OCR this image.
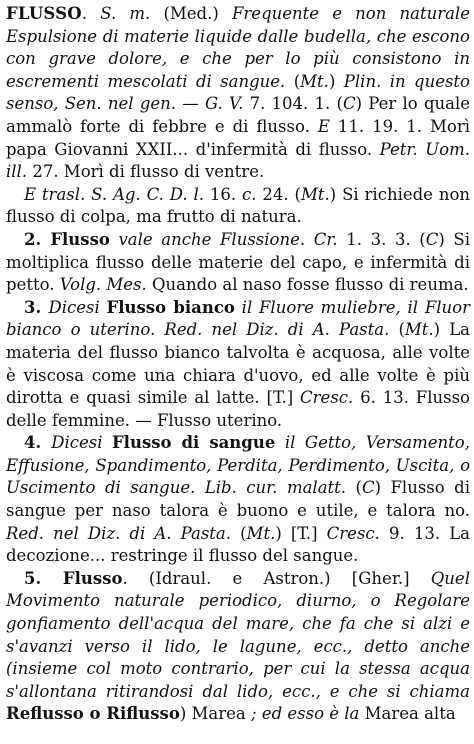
FLUSSO. S. m. (Med.) Frequente e non naturale Espulsione di materie liquide dalle budella, che escono con grave dolore, e che per lo più consistono in escrementi mescolati di sangue. (Mt.) Plin. in questo senso, Sen. nel gen. — G. V. 7. 104. 1. (C) Per lo quale ammalò forte di febbre e di flusso. E 11. 19. 1. Morì papa Giovanni XXII... d'infermità di flusso. Petr. Uom. ill. 27. Morì di flusso di ventre.

E trasl. S. Ag. C. D. l. 16. c. 24. (Mt.) Si richiede non flusso di colpa, ma frutto di natura.

2. Flusso vale anche Flussione. Cr. 1. 3. 3. (C) Si moltiplica flusso delle materie del capo, e infermità di petto. Volg. Mes. Quando al naso fosse flusso di reuma.

3. Dicesi Flusso bianco il Fluore muliebre, il Fluor bianco o uterino. Red. nel Diz. di A. Pasta. (Mt.) La materia del flusso bianco talvolta è acquosa, alle volte è viscosa come una chiara d'uovo, ed alle volte è più dirotta e quasi simile al latte. [T.] Cresc. 6. 13. Flusso delle femmine. — Flusso uterino.

4. Dicesi Flusso di sangue il Getto, Versamento, Effusione, Spandimento, Perdita, Perdimento, Uscita, o Uscimento di sangue. Lib. cur. malatt. (C) Flusso di sangue per naso talora è buono e utile, e talora no. Red. nel Diz. di A. Pasta. (Mt.) [T.] Cresc. 9. 13. La decozione... restringe il flusso del sangue.

5. Flusso. (Idraul. e Astron.) [Gher.] Quel Movimento naturale periodico, diurno, o Regolare gonfiamento dell'acqua del mare, che fa che si alzi e s'avanzi verso il lido, le lagune, ecc., detto anche (insieme col moto contrario, per cui la stessa acqua s'allontana ritirandosi dal lido, ecc., e che si chiama Reflusso o Riflusso) Marea ; ed esso è la Marea alta
